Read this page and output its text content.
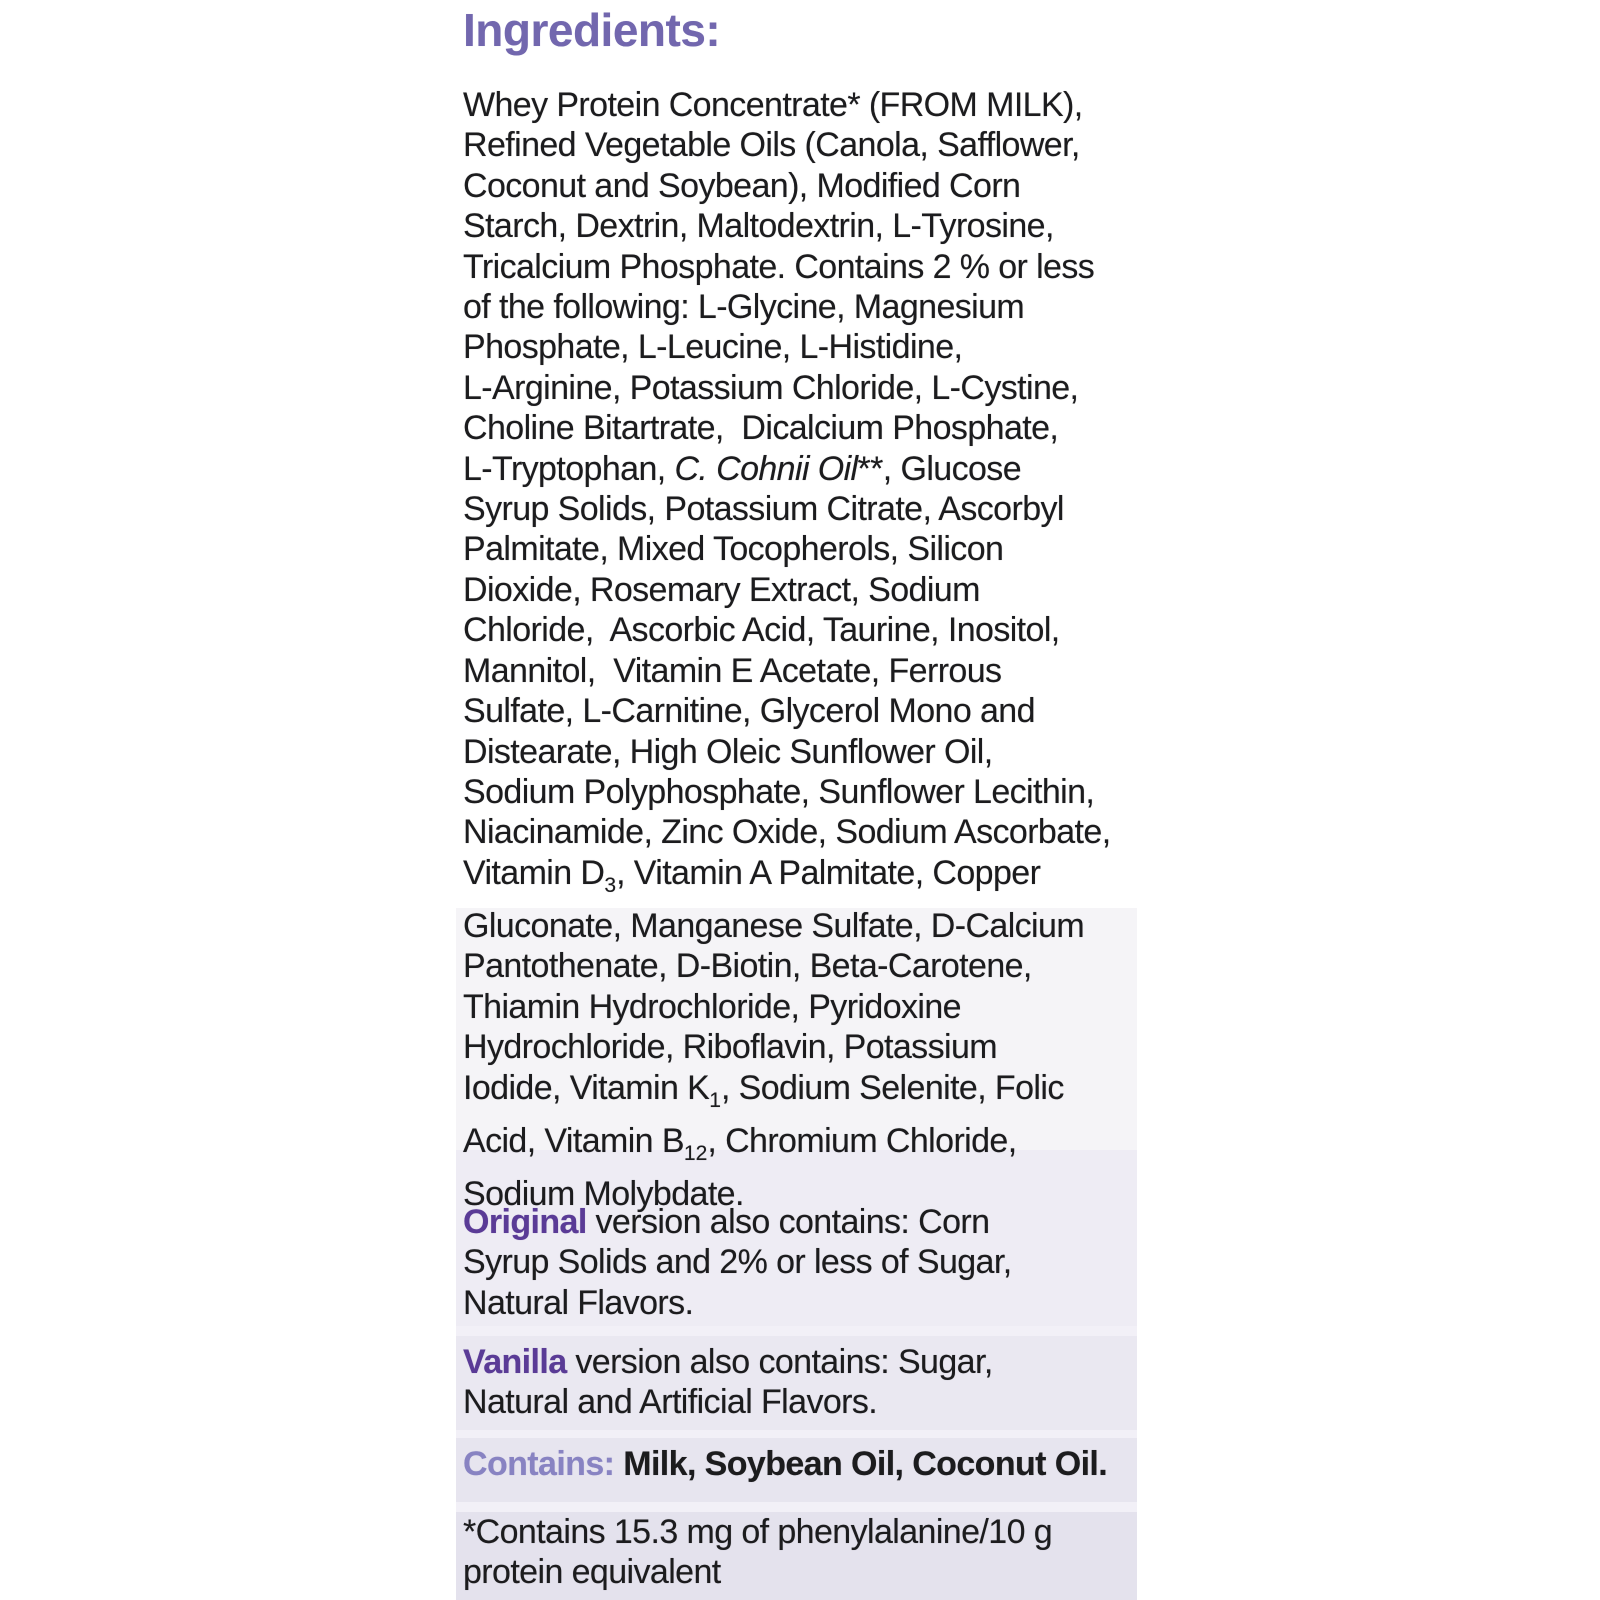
Ingredients:
Whey Protein Concentrate* (FROM MILK),
Refined Vegetable Oils (Canola, Safflower,
Coconut and Soybean), Modified Corn
Starch, Dextrin, Maltodextrin, L-Tyrosine,
Tricalcium Phosphate. Contains 2 % or less
of the following: L-Glycine, Magnesium
Phosphate, L-Leucine, L-Histidine,
L-Arginine, Potassium Chloride, L-Cystine,
Choline Bitartrate,  Dicalcium Phosphate,
L-Tryptophan, C. Cohnii Oil**, Glucose
Syrup Solids, Potassium Citrate, Ascorbyl
Palmitate, Mixed Tocopherols, Silicon
Dioxide, Rosemary Extract, Sodium
Chloride,  Ascorbic Acid, Taurine, Inositol,
Mannitol,  Vitamin E Acetate, Ferrous
Sulfate, L-Carnitine, Glycerol Mono and
Distearate, High Oleic Sunflower Oil,
Sodium Polyphosphate, Sunflower Lecithin,
Niacinamide, Zinc Oxide, Sodium Ascorbate,
Vitamin $D_3$, Vitamin A Palmitate, Copper
Gluconate, Manganese Sulfate, D-Calcium
Pantothenate, D-Biotin, Beta-Carotene,
Thiamin Hydrochloride, Pyridoxine
Hydrochloride, Riboflavin, Potassium
Iodide, Vitamin $K_1$, Sodium Selenite, Folic
Acid, Vitamin $B_{12}$, Chromium Chloride,
Sodium Molybdate.
Original version also contains: Corn
Syrup Solids and 2% or less of Sugar,
Natural Flavors.
Vanilla version also contains: Sugar,
Natural and Artificial Flavors.
Contains: Milk, Soybean Oil, Coconut Oil.
*Contains 15.3 mg of phenylalanine/10 g
protein equivalent
